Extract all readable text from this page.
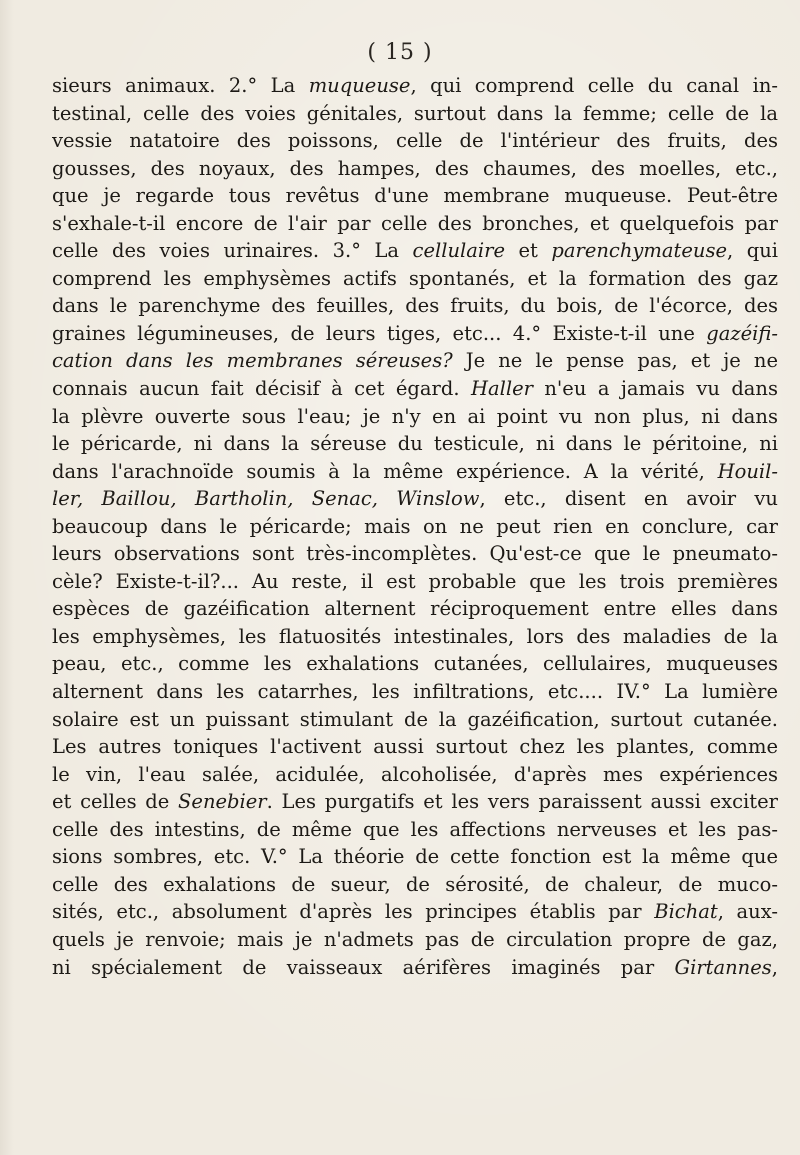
( 15 )
sieurs animaux. 2.° La muqueuse, qui comprend celle du canal in-
testinal, celle des voies génitales, surtout dans la femme; celle de la
vessie natatoire des poissons, celle de l'intérieur des fruits, des
gousses, des noyaux, des hampes, des chaumes, des moelles, etc.,
que je regarde tous revêtus d'une membrane muqueuse. Peut-être
s'exhale-t-il encore de l'air par celle des bronches, et quelquefois par
celle des voies urinaires. 3.° La cellulaire et parenchymateuse, qui
comprend les emphysèmes actifs spontanés, et la formation des gaz
dans le parenchyme des feuilles, des fruits, du bois, de l'écorce, des
graines légumineuses, de leurs tiges, etc... 4.° Existe-t-il une gazéifi-
cation dans les membranes séreuses? Je ne le pense pas, et je ne
connais aucun fait décisif à cet égard. Haller n'eu a jamais vu dans
la plèvre ouverte sous l'eau; je n'y en ai point vu non plus, ni dans
le péricarde, ni dans la séreuse du testicule, ni dans le péritoine, ni
dans l'arachnoïde soumis à la même expérience. A la vérité, Houil-
ler, Baillou, Bartholin, Senac, Winslow, etc., disent en avoir vu
beaucoup dans le péricarde; mais on ne peut rien en conclure, car
leurs observations sont très-incomplètes. Qu'est-ce que le pneumato-
cèle? Existe-t-il?... Au reste, il est probable que les trois premières
espèces de gazéification alternent réciproquement entre elles dans
les emphysèmes, les flatuosités intestinales, lors des maladies de la
peau, etc., comme les exhalations cutanées, cellulaires, muqueuses
alternent dans les catarrhes, les infiltrations, etc.... IV.° La lumière
solaire est un puissant stimulant de la gazéification, surtout cutanée.
Les autres toniques l'activent aussi surtout chez les plantes, comme
le vin, l'eau salée, acidulée, alcoholisée, d'après mes expériences
et celles de Senebier. Les purgatifs et les vers paraissent aussi exciter
celle des intestins, de même que les affections nerveuses et les pas-
sions sombres, etc. V.° La théorie de cette fonction est la même que
celle des exhalations de sueur, de sérosité, de chaleur, de muco-
sités, etc., absolument d'après les principes établis par Bichat, aux-
quels je renvoie; mais je n'admets pas de circulation propre de gaz,
ni spécialement de vaisseaux aérifères imaginés par Girtannes,
